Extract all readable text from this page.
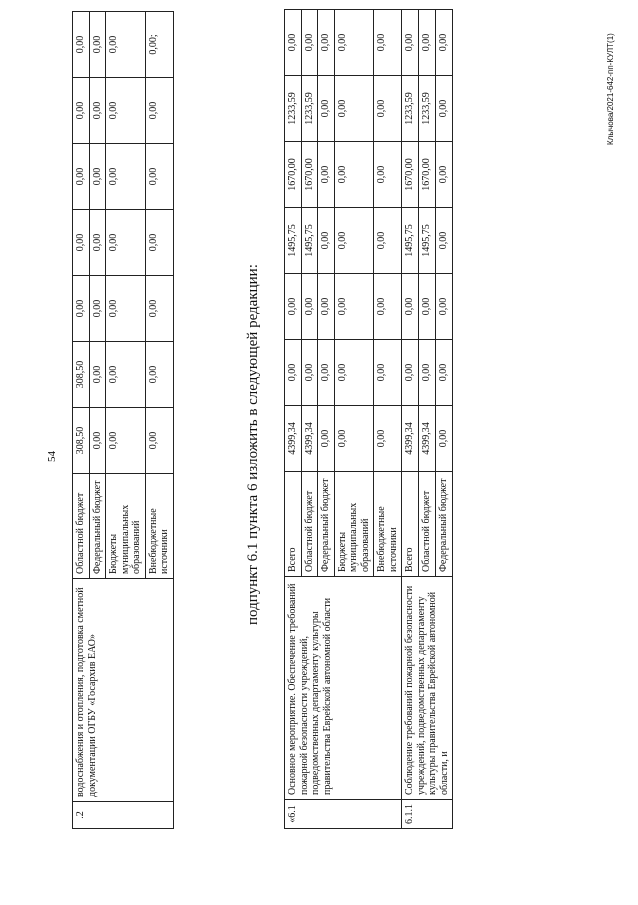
54
.2	водоснабжения и отопления, подготовка сметной документации ОГБУ «Госархив ЕАО»	Областной бюджет	308,50	308,50	0,00	0,00	0,00	0,00	0,00
		Федеральный бюджет	0,00	0,00	0,00	0,00	0,00	0,00	0,00
		Бюджеты муниципальных образований	0,00	0,00	0,00	0,00	0,00	0,00	0,00
		Внебюджетные источники	0,00	0,00	0,00	0,00	0,00	0,00	0,00;
подпункт 6.1 пункта 6 изложить в следующей редакции:
«6.1	Основное мероприятие. Обеспечение требований пожарной безопасности учреждений, подведомственных департаменту культуры правительства Еврейской автономной области	Всего	4399,34	0,00	0,00	1495,75	1670,00	1233,59	0,00
		Областной бюджет	4399,34	0,00	0,00	1495,75	1670,00	1233,59	0,00
		Федеральный бюджет	0,00	0,00	0,00	0,00	0,00	0,00	0,00
		Бюджеты муниципальных образований	0,00	0,00	0,00	0,00	0,00	0,00	0,00
		Внебюджетные источники	0,00	0,00	0,00	0,00	0,00	0,00	0,00
6.1.1	Соблюдение требований пожарной безопасности учреждений, подведомственных департаменту культуры правительства Еврейской автономной области, и	Всего	4399,34	0,00	0,00	1495,75	1670,00	1233,59	0,00
		Областной бюджет	4399,34	0,00	0,00	1495,75	1670,00	1233,59	0,00
		Федеральный бюджет	0,00	0,00	0,00	0,00	0,00	0,00	0,00	Клычова/2021-642-пп-КУЛТ(1)
